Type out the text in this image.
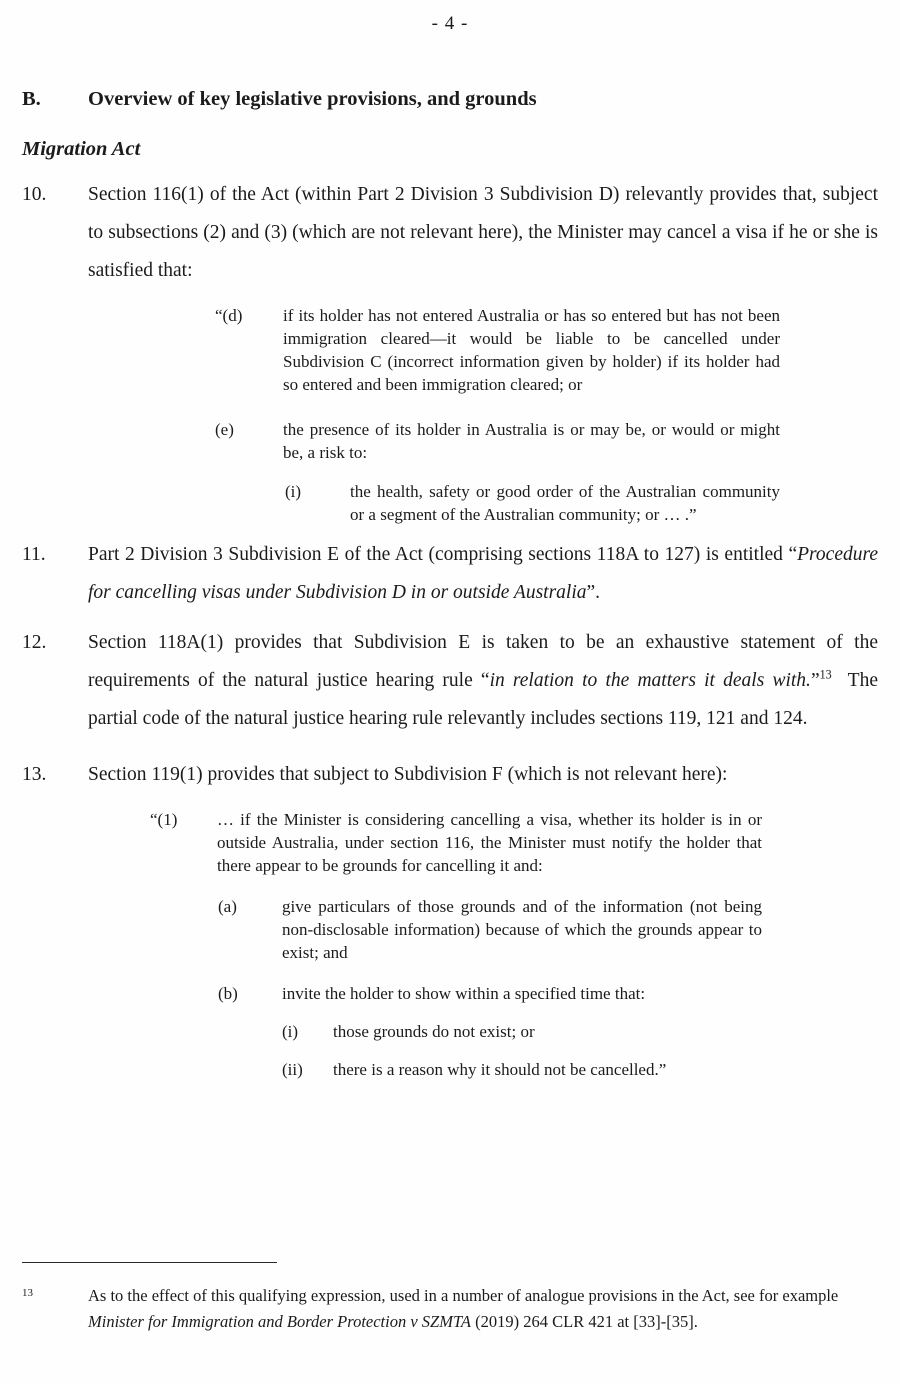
- 4 -
B.	Overview of key legislative provisions, and grounds
Migration Act
10.	Section 116(1) of the Act (within Part 2 Division 3 Subdivision D) relevantly provides that, subject to subsections (2) and (3) (which are not relevant here), the Minister may cancel a visa if he or she is satisfied that:
“(d)	if its holder has not entered Australia or has so entered but has not been immigration cleared—it would be liable to be cancelled under Subdivision C (incorrect information given by holder) if its holder had so entered and been immigration cleared; or
(e)	the presence of its holder in Australia is or may be, or would or might be, a risk to:
(i)	the health, safety or good order of the Australian community or a segment of the Australian community; or … .”
11.	Part 2 Division 3 Subdivision E of the Act (comprising sections 118A to 127) is entitled “Procedure for cancelling visas under Subdivision D in or outside Australia”.
12.	Section 118A(1) provides that Subdivision E is taken to be an exhaustive statement of the requirements of the natural justice hearing rule “in relation to the matters it deals with.”$^{13}$  The partial code of the natural justice hearing rule relevantly includes sections 119, 121 and 124.
13.	Section 119(1) provides that subject to Subdivision F (which is not relevant here):
“(1)	… if the Minister is considering cancelling a visa, whether its holder is in or outside Australia, under section 116, the Minister must notify the holder that there appear to be grounds for cancelling it and:
(a)	give particulars of those grounds and of the information (not being non-disclosable information) because of which the grounds appear to exist; and
(b)	invite the holder to show within a specified time that:
(i)	those grounds do not exist; or
(ii)	there is a reason why it should not be cancelled.”
13	As to the effect of this qualifying expression, used in a number of analogue provisions in the Act, see for example Minister for Immigration and Border Protection v SZMTA (2019) 264 CLR 421 at [33]-[35].
